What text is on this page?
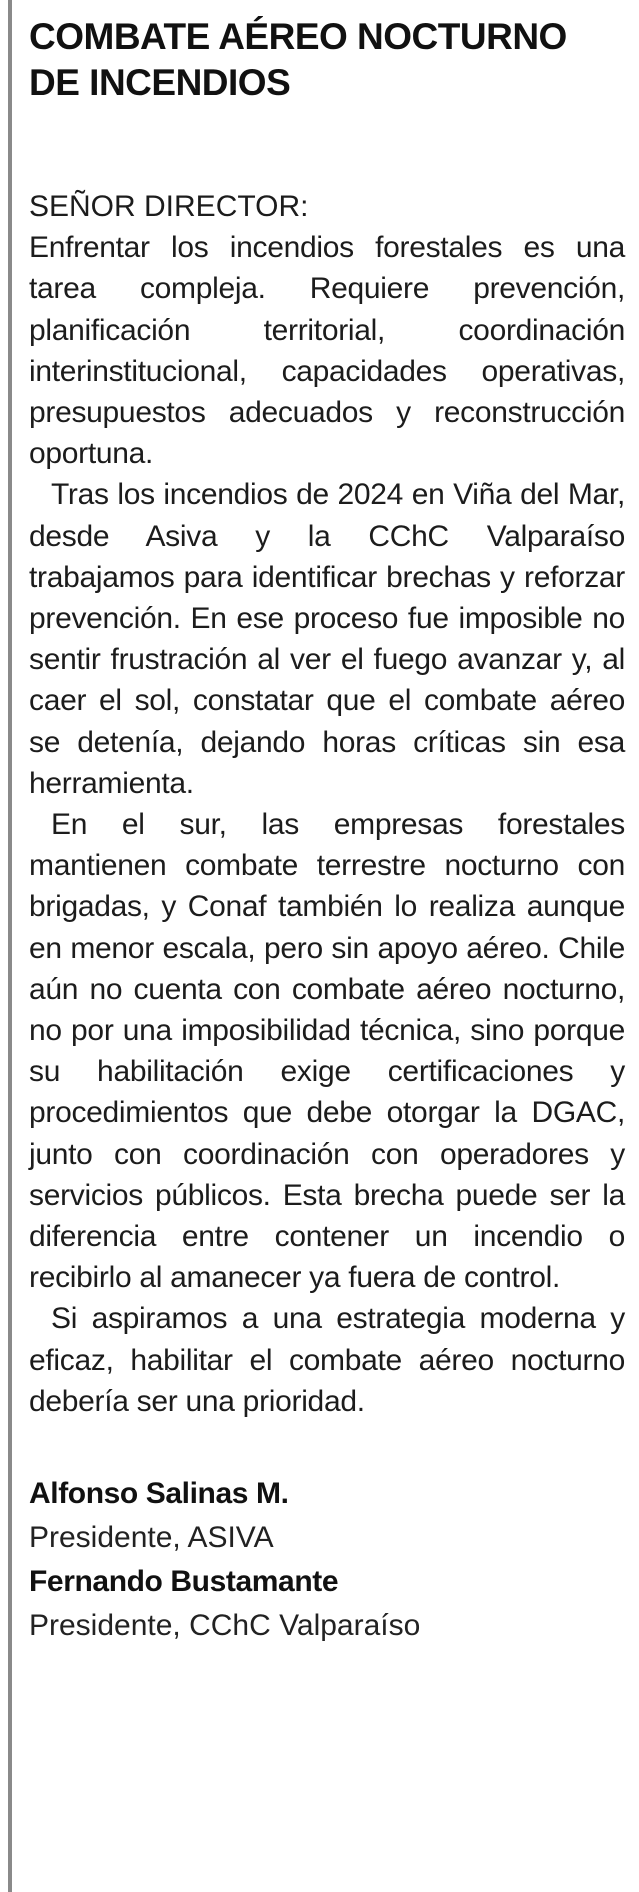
COMBATE AÉREO NOCTURNO DE INCENDIOS
SEÑOR DIRECTOR:

Enfrentar los incendios forestales es una tarea compleja. Requiere prevención, planificación territorial, coordinación interinstitucional, capacidades operativas, presupuestos adecuados y reconstrucción oportuna.

Tras los incendios de 2024 en Viña del Mar, desde Asiva y la CChC Valparaíso trabajamos para identificar brechas y reforzar prevención. En ese proceso fue imposible no sentir frustración al ver el fuego avanzar y, al caer el sol, constatar que el combate aéreo se detenía, dejando horas críticas sin esa herramienta.

En el sur, las empresas forestales mantienen combate terrestre nocturno con brigadas, y Conaf también lo realiza aunque en menor escala, pero sin apoyo aéreo. Chile aún no cuenta con combate aéreo nocturno, no por una imposibilidad técnica, sino porque su habilitación exige certificaciones y procedimientos que debe otorgar la DGAC, junto con coordinación con operadores y servicios públicos. Esta brecha puede ser la diferencia entre contener un incendio o recibirlo al amanecer ya fuera de control.

Si aspiramos a una estrategia moderna y eficaz, habilitar el combate aéreo nocturno debería ser una prioridad.

Alfonso Salinas M.
Presidente, ASIVA
Fernando Bustamante
Presidente, CChC Valparaíso
